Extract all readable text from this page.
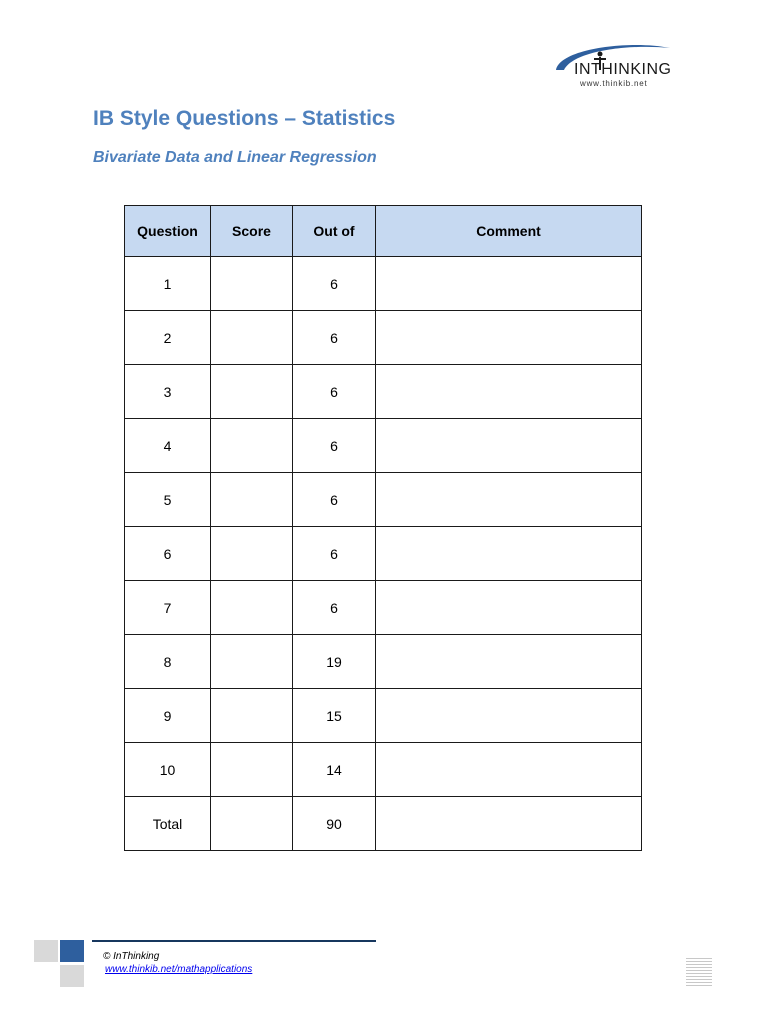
INTHINKING
www.thinkib.net
IB Style Questions – Statistics
Bivariate Data and Linear Regression
Question	Score	Out of	Comment
1		6	
2		6	
3		6	
4		6	
5		6	
6		6	
7		6	
8		19	
9		15	
10		14	
Total		90	
© InThinking
www.thinkib.net/mathapplications
